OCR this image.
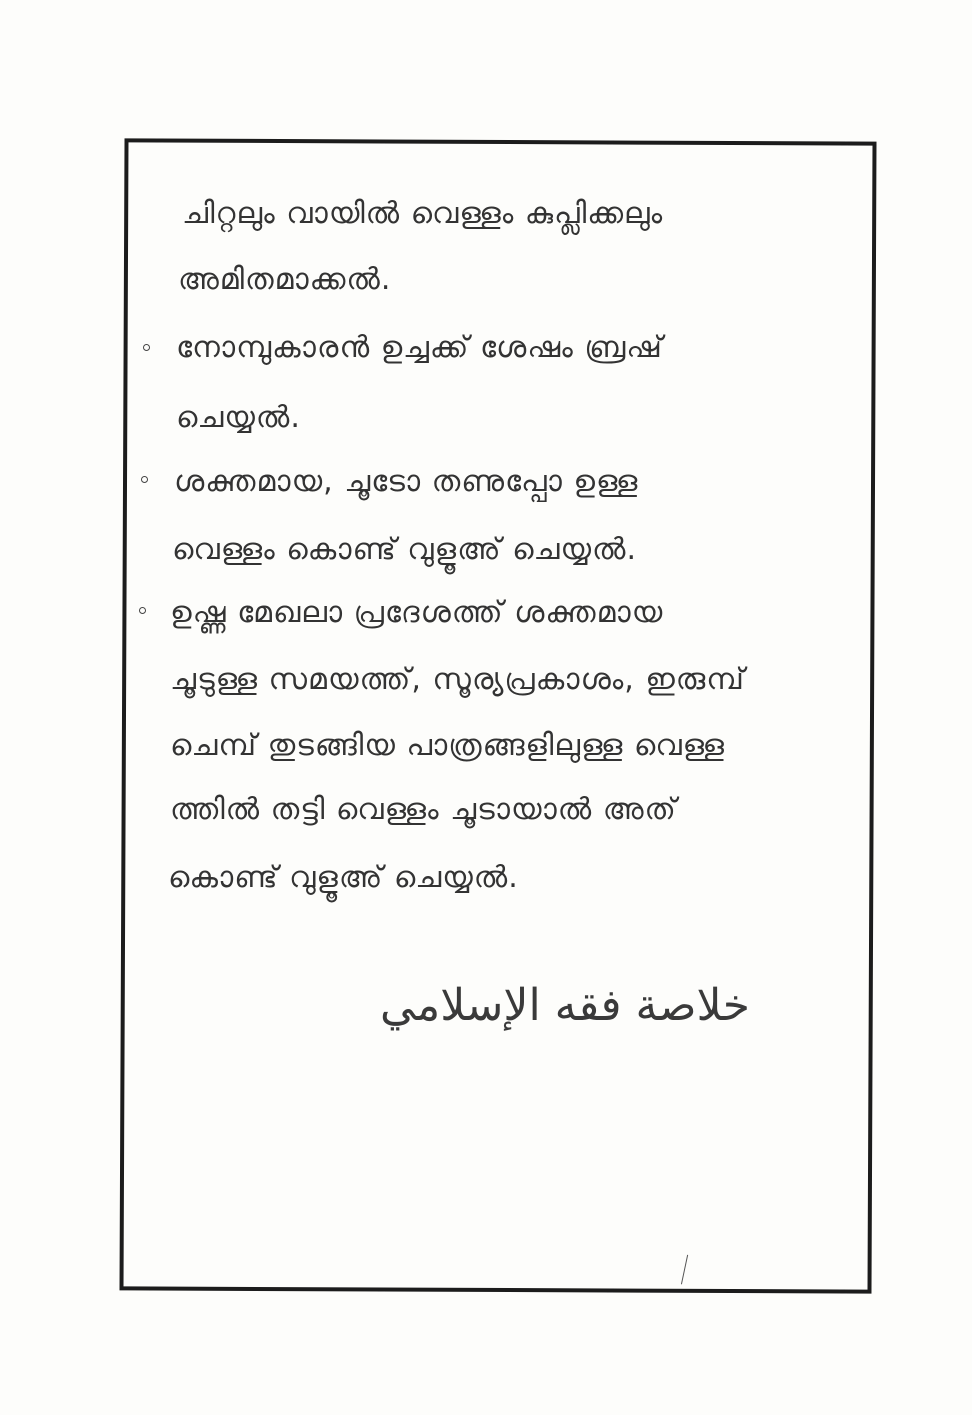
ചിറ്റലും വായിൽ വെള്ളം കുപ്ലിക്കലും
അമിതമാക്കൽ.
നോമ്പുകാരൻ ഉച്ചക്ക് ശേഷം ബ്രഷ്
ചെയ്യൽ.
ശക്തമായ, ചൂടോ തണുപ്പോ ഉള്ള
വെള്ളം കൊണ്ട് വുളൂഅ് ചെയ്യൽ.
ഉഷ്ണ മേഖലാ പ്രദേശത്ത് ശക്തമായ
ചൂടുള്ള സമയത്ത്, സൂര്യപ്രകാശം, ഇരുമ്പ്
ചെമ്പ് തുടങ്ങിയ പാത്രങ്ങളിലുള്ള വെള്ള
ത്തിൽ തട്ടി വെള്ളം ചൂടായാൽ അത്
കൊണ്ട് വുളൂഅ് ചെയ്യൽ.
خلاصة فقه الإسلامي
